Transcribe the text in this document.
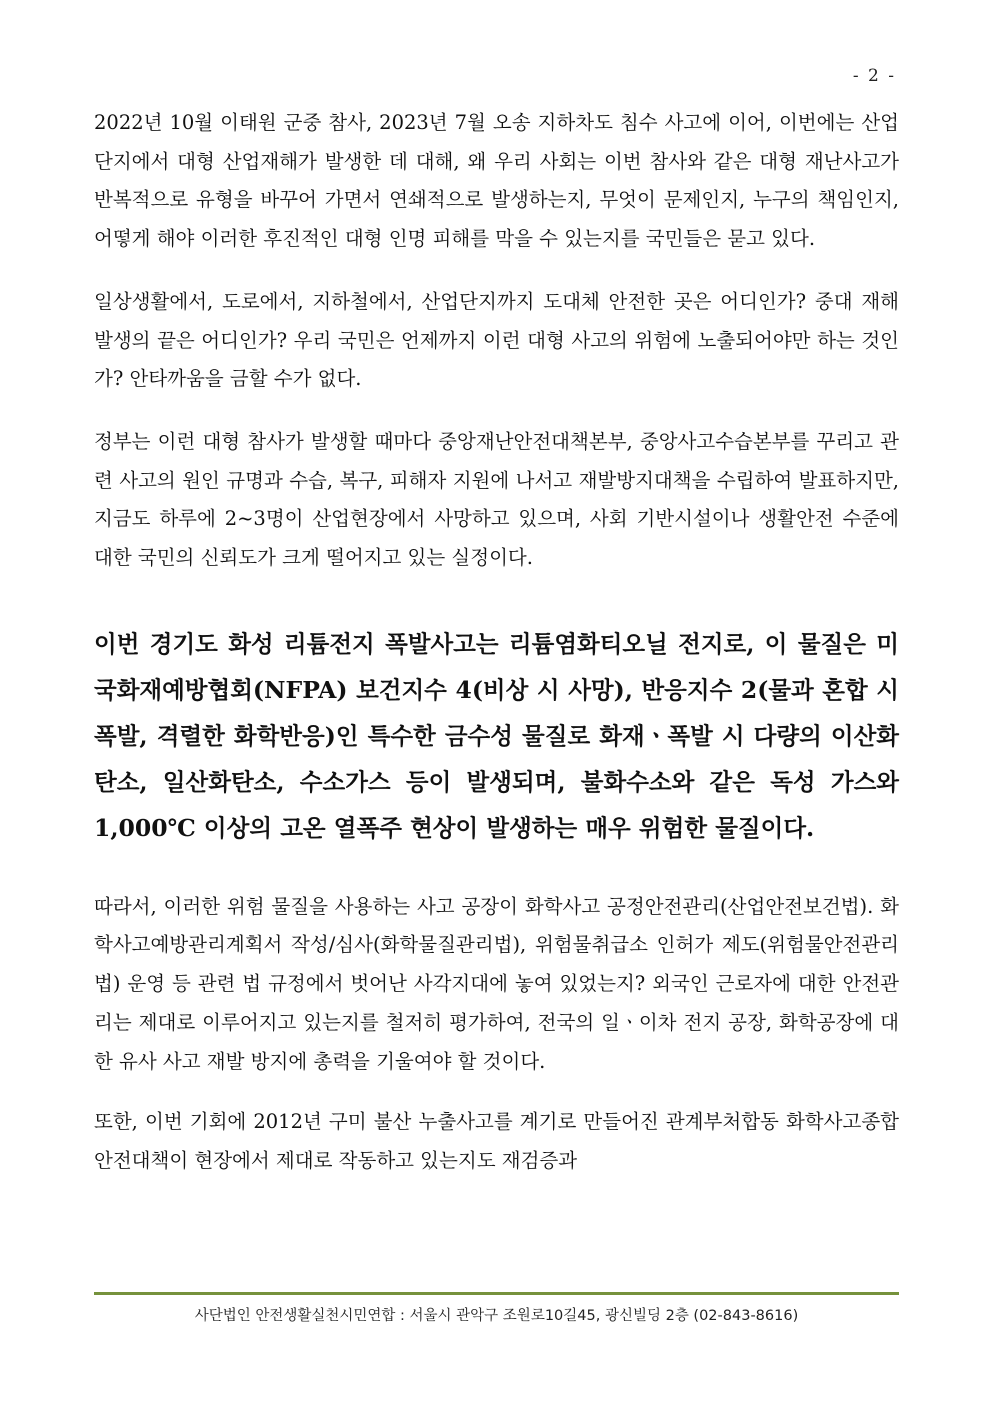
- 2 -

2022년 10월 이태원 군중 참사, 2023년 7월 오송 지하차도 침수 사고에 이어, 이번에는 산업단지에서 대형 산업재해가 발생한 데 대해, 왜 우리 사회는 이번 참사와 같은 대형 재난사고가 반복적으로 유형을 바꾸어 가면서 연쇄적으로 발생하는지, 무엇이 문제인지, 누구의 책임인지, 어떻게 해야 이러한 후진적인 대형 인명 피해를 막을 수 있는지를 국민들은 묻고 있다.

일상생활에서, 도로에서, 지하철에서, 산업단지까지 도대체 안전한 곳은 어디인가? 중대 재해 발생의 끝은 어디인가? 우리 국민은 언제까지 이런 대형 사고의 위험에 노출되어야만 하는 것인가? 안타까움을 금할 수가 없다.

정부는 이런 대형 참사가 발생할 때마다 중앙재난안전대책본부, 중앙사고수습본부를 꾸리고 관련 사고의 원인 규명과 수습, 복구, 피해자 지원에 나서고 재발방지대책을 수립하여 발표하지만, 지금도 하루에 2~3명이 산업현장에서 사망하고 있으며, 사회 기반시설이나 생활안전 수준에 대한 국민의 신뢰도가 크게 떨어지고 있는 실정이다.

이번 경기도 화성 리튬전지 폭발사고는 리튬염화티오닐 전지로, 이 물질은 미국화재예방협회(NFPA) 보건지수 4(비상 시 사망), 반응지수 2(물과 혼합 시 폭발, 격렬한 화학반응)인 특수한 금수성 물질로 화재ㆍ폭발 시 다량의 이산화탄소, 일산화탄소, 수소가스 등이 발생되며, 불화수소와 같은 독성 가스와 1,000℃ 이상의 고온 열폭주 현상이 발생하는 매우 위험한 물질이다.

따라서, 이러한 위험 물질을 사용하는 사고 공장이 화학사고 공정안전관리(산업안전보건법). 화학사고예방관리계획서 작성/심사(화학물질관리법), 위험물취급소 인허가 제도(위험물안전관리법) 운영 등 관련 법 규정에서 벗어난 사각지대에 놓여 있었는지? 외국인 근로자에 대한 안전관리는 제대로 이루어지고 있는지를 철저히 평가하여, 전국의 일ㆍ이차 전지 공장, 화학공장에 대한 유사 사고 재발 방지에 총력을 기울여야 할 것이다.

또한, 이번 기회에 2012년 구미 불산 누출사고를 계기로 만들어진 관계부처합동 화학사고종합안전대책이 현장에서 제대로 작동하고 있는지도 재검증과

사단법인 안전생활실천시민연합 : 서울시 관악구 조원로10길45, 광신빌딩 2층 (02-843-8616)
